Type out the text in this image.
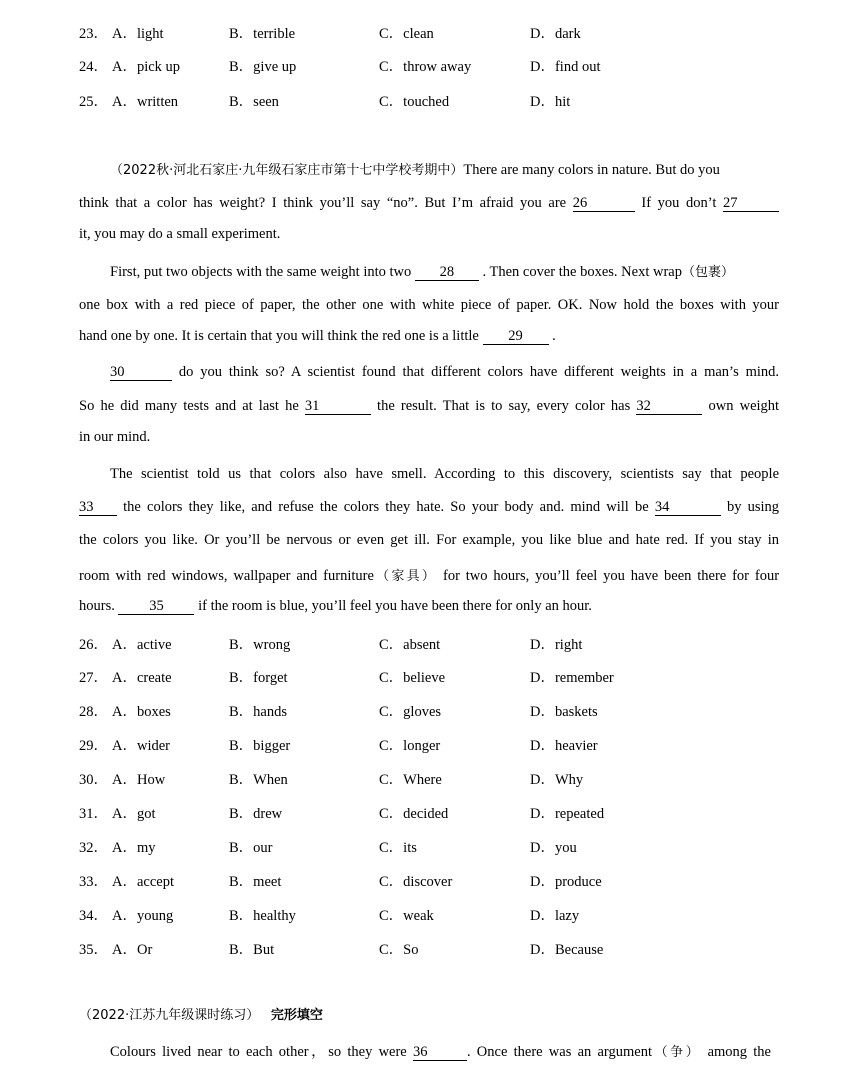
23． A．light	B．terrible	C．clean	D．dark
24． A．pick up	B．give up	C．throw away	D．find out
25． A．written	B．seen	C．touched	D．hit
（2022秋·河北石家庄·九年级石家庄市第十七中学校考期中）There are many colors in nature. But do you
think that a color has weight? I think you’ll say “no”. But I’m afraid you are 26	If you don’t 27
it, you may do a small experiment.
First, put two objects with the same weight into two 28 . Then cover the boxes. Next wrap（包裹）
one box with a red piece of paper, the other one with white piece of paper. OK. Now hold the boxes with your
hand one by one. It is certain that you will think the red one is a little 29 .
30	do you think so? A scientist found that different colors have different weights in a man’s mind.
So he did many tests and at last he 31	the result. That is to say, every color has 32	own weight
in our mind.
The scientist told us that colors also have smell. According to this discovery, scientists say that people
33 the colors they like, and refuse the colors they hate. So your body and. mind will be 34	by using
the colors you like. Or you’ll be nervous or even get ill. For example, you like blue and hate red. If you stay in
room with red windows, wallpaper and furniture（家具） for two hours, you’ll feel you have been there for four
hours. 35 if the room is blue, you’ll feel you have been there for only an hour.
26． A．active	B．wrong	C．absent	D．right
27． A．create	B．forget	C．believe	D．remember
28． A．boxes	B．hands	C．gloves	D．baskets
29． A．wider	B．bigger	C．longer	D．heavier
30． A．How	B．When	C．Where	D．Why
31． A．got	B．drew	C．decided	D．repeated
32． A．my	B．our	C．its	D．you
33． A．accept	B．meet	C．discover	D．produce
34． A．young	B．healthy	C．weak	D．lazy
35． A．Or	B．But	C．So	D．Because
（2022·江苏九年级课时练习） 完形填空
Colours lived near to each other，so they were 36	. Once there was an argument（争） among the
